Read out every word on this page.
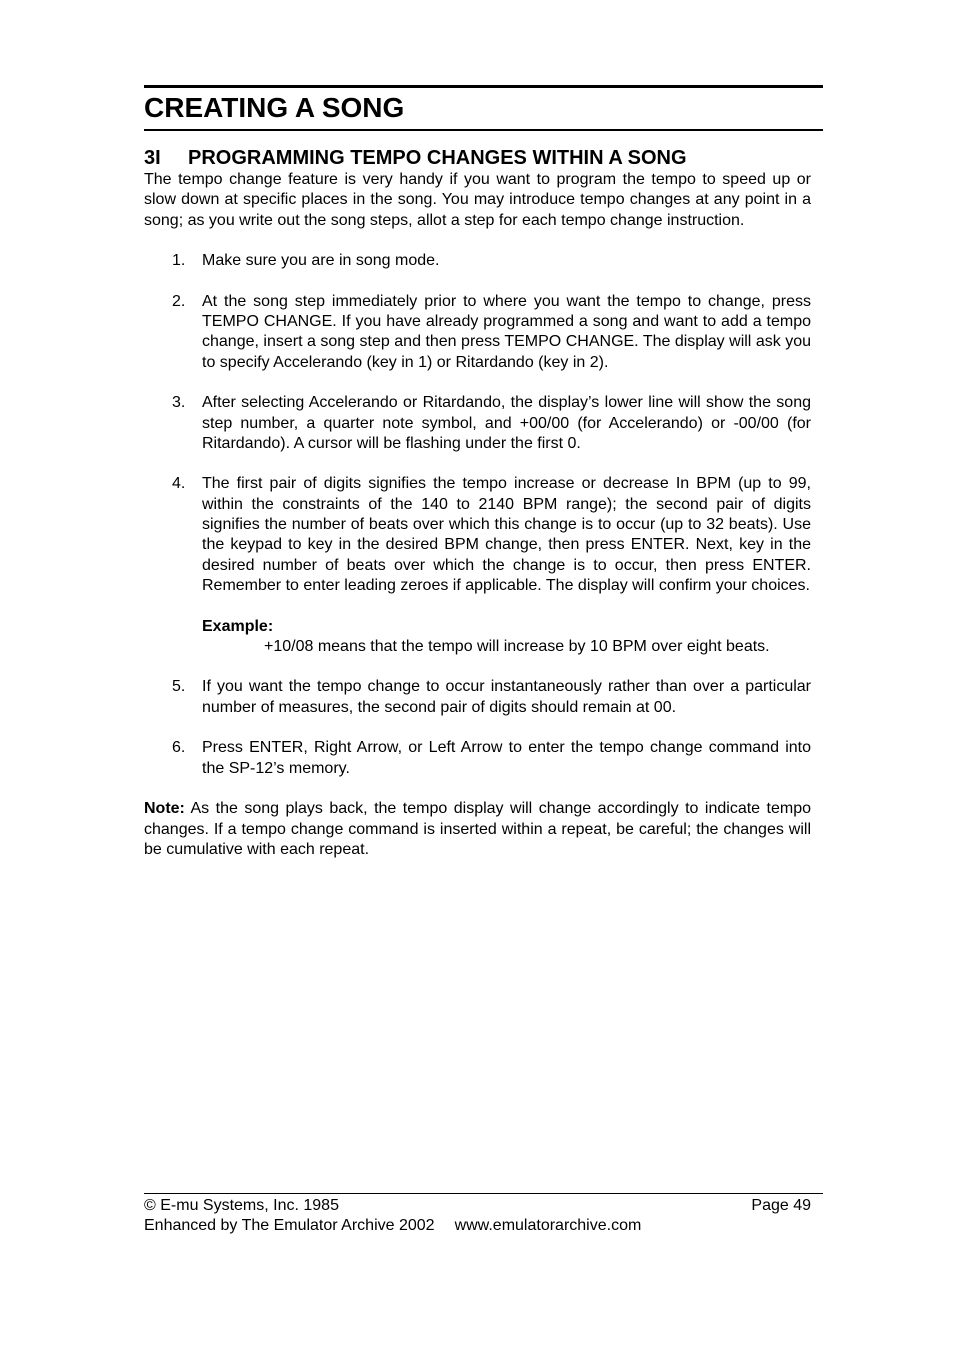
CREATING A SONG
3I PROGRAMMING TEMPO CHANGES WITHIN A SONG

The tempo change feature is very handy if you want to program the tempo to speed up or slow down at specific places in the song. You may introduce tempo changes at any point in a song; as you write out the song steps, allot a step for each tempo change instruction.

1. Make sure you are in song mode.
2. At the song step immediately prior to where you want the tempo to change, press TEMPO CHANGE. If you have already programmed a song and want to add a tempo change, insert a song step and then press TEMPO CHANGE. The display will ask you to specify Accelerando (key in 1) or Ritardando (key in 2).
3. After selecting Accelerando or Ritardando, the display’s lower line will show the song step number, a quarter note symbol, and +00/00 (for Accelerando) or -00/00 (for Ritardando). A cursor will be flashing under the first 0.
4. The first pair of digits signifies the tempo increase or decrease In BPM (up to 99, within the constraints of the 140 to 2140 BPM range); the second pair of digits signifies the number of beats over which this change is to occur (up to 32 beats). Use the keypad to key in the desired BPM change, then press ENTER. Next, key in the desired number of beats over which the change is to occur, then press ENTER. Remember to enter leading zeroes if applicable. The display will confirm your choices.
Example:
+10/08 means that the tempo will increase by 10 BPM over eight beats.
5. If you want the tempo change to occur instantaneously rather than over a particular number of measures, the second pair of digits should remain at 00.
6. Press ENTER, Right Arrow, or Left Arrow to enter the tempo change command into the SP-12’s memory.

Note: As the song plays back, the tempo display will change accordingly to indicate tempo changes. If a tempo change command is inserted within a repeat, be careful; the changes will be cumulative with each repeat.

© E-mu Systems, Inc. 1985	Page 49
Enhanced by The Emulator Archive 2002 www.emulatorarchive.com
